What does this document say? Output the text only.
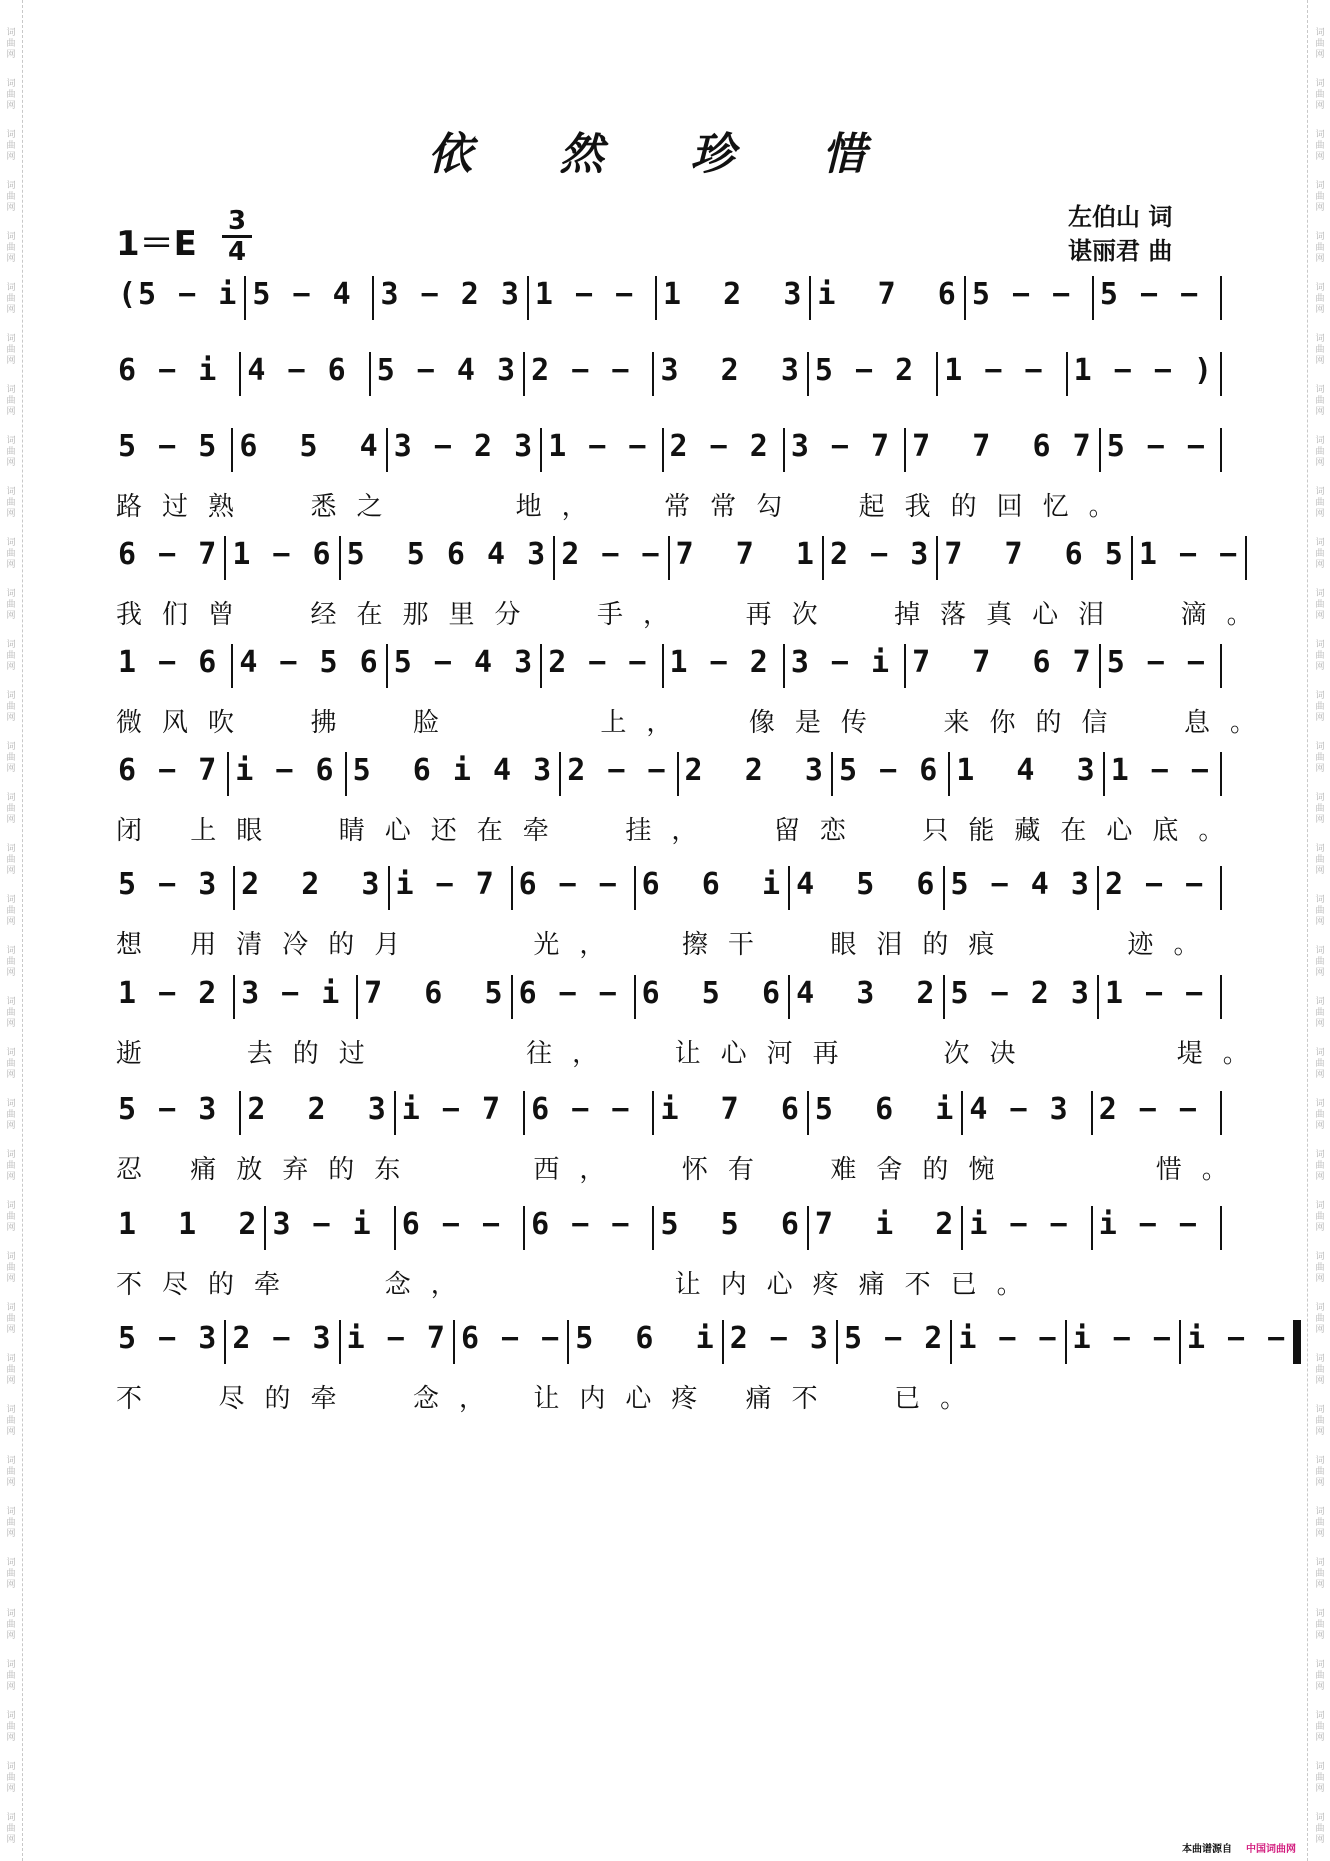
词
曲
网
词
曲
网
词
曲
网
词
曲
网
词
曲
网
词
曲
网
词
曲
网
词
曲
网
词
曲
网
词
曲
网
词
曲
网
词
曲
网
词
曲
网
词
曲
网
词
曲
网
词
曲
网
词
曲
网
词
曲
网
词
曲
网
词
曲
网
词
曲
网
词
曲
网
词
曲
网
词
曲
网
词
曲
网
词
曲
网
词
曲
网
词
曲
网
词
曲
网
词
曲
网
词
曲
网
词
曲
网
词
曲
网
词
曲
网
词
曲
网
词
曲
网
词
曲
网
词
曲
网
词
曲
网
词
曲
网
词
曲
网
词
曲
网
词
曲
网
词
曲
网
词
曲
网
词
曲
网
词
曲
网
词
曲
网
词
曲
网
词
曲
网
词
曲
网
词
曲
网
词
曲
网
词
曲
网
词
曲
网
词
曲
网
词
曲
网
词
曲
网
词
曲
网
词
曲
网
词
曲
网
词
曲
网
词
曲
网
词
曲
网
词
曲
网
词
曲
网
词
曲
网
词
曲
网
词
曲
网
词
曲
网
词
曲
网
词
曲
网
依 然 珍 惜
1＝E
3
4
左伯山 词
谌丽君 曲
(5 − i 5 − 4 3 − 2 3 1 − − 1  2  3 i  7  6 5 − − 5 − −
6 − i 4 − 6 5 − 4 3 2 − − 3  2  3 5 − 2 1 − − 1 − − )
5 − 5 6  5  4 3 − 2 3 1 − − 2 − 2 3 − 7 7  7  6 7 5 − −
路过熟  悉之    地，  常常勾  起我的回忆。
6 − 7 1 − 6 5  5 6 4 3 2 − − 7  7  1 2 − 3 7  7  6 5 1 − −
我们曾  经在那里分  手，  再次  掉落真心泪  滴。
1 − 6 4 − 5 6 5 − 4 3 2 − − 1 − 2 3 − i 7  7  6 7 5 − −
微风吹  拂  脸     上，  像是传  来你的信  息。
6 − 7 i − 6 5  6 i 4 3 2 − − 2  2  3 5 − 6 1  4  3 1 − −
闭 上眼  睛心还在牵  挂，  留恋  只能藏在心底。
5 − 3 2  2  3 i − 7 6 − − 6  6  i 4  5  6 5 − 4 3 2 − −
想 用清冷的月    光，  擦干  眼泪的痕    迹。
1 − 2 3 − i 7  6  5 6 − − 6  5  6 4  3  2 5 − 2 3 1 − −
逝   去的过     往，  让心河再   次决     堤。
5 − 3 2  2  3 i − 7 6 − − i  7  6 5  6  i 4 − 3 2 − −
忍 痛放弃的东    西，  怀有  难舍的惋     惜。
1  1  2 3 − i 6 − − 6 − − 5  5  6 7  i  2 i − − i − −
不尽的牵   念，       让内心疼痛不已。
5 − 3 2 − 3 i − 7 6 − − 5  6  i 2 − 3 5 − 2 i − − i − − i − −
不  尽的牵  念， 让内心疼 痛不  已。
本曲谱源自 中国词曲网
